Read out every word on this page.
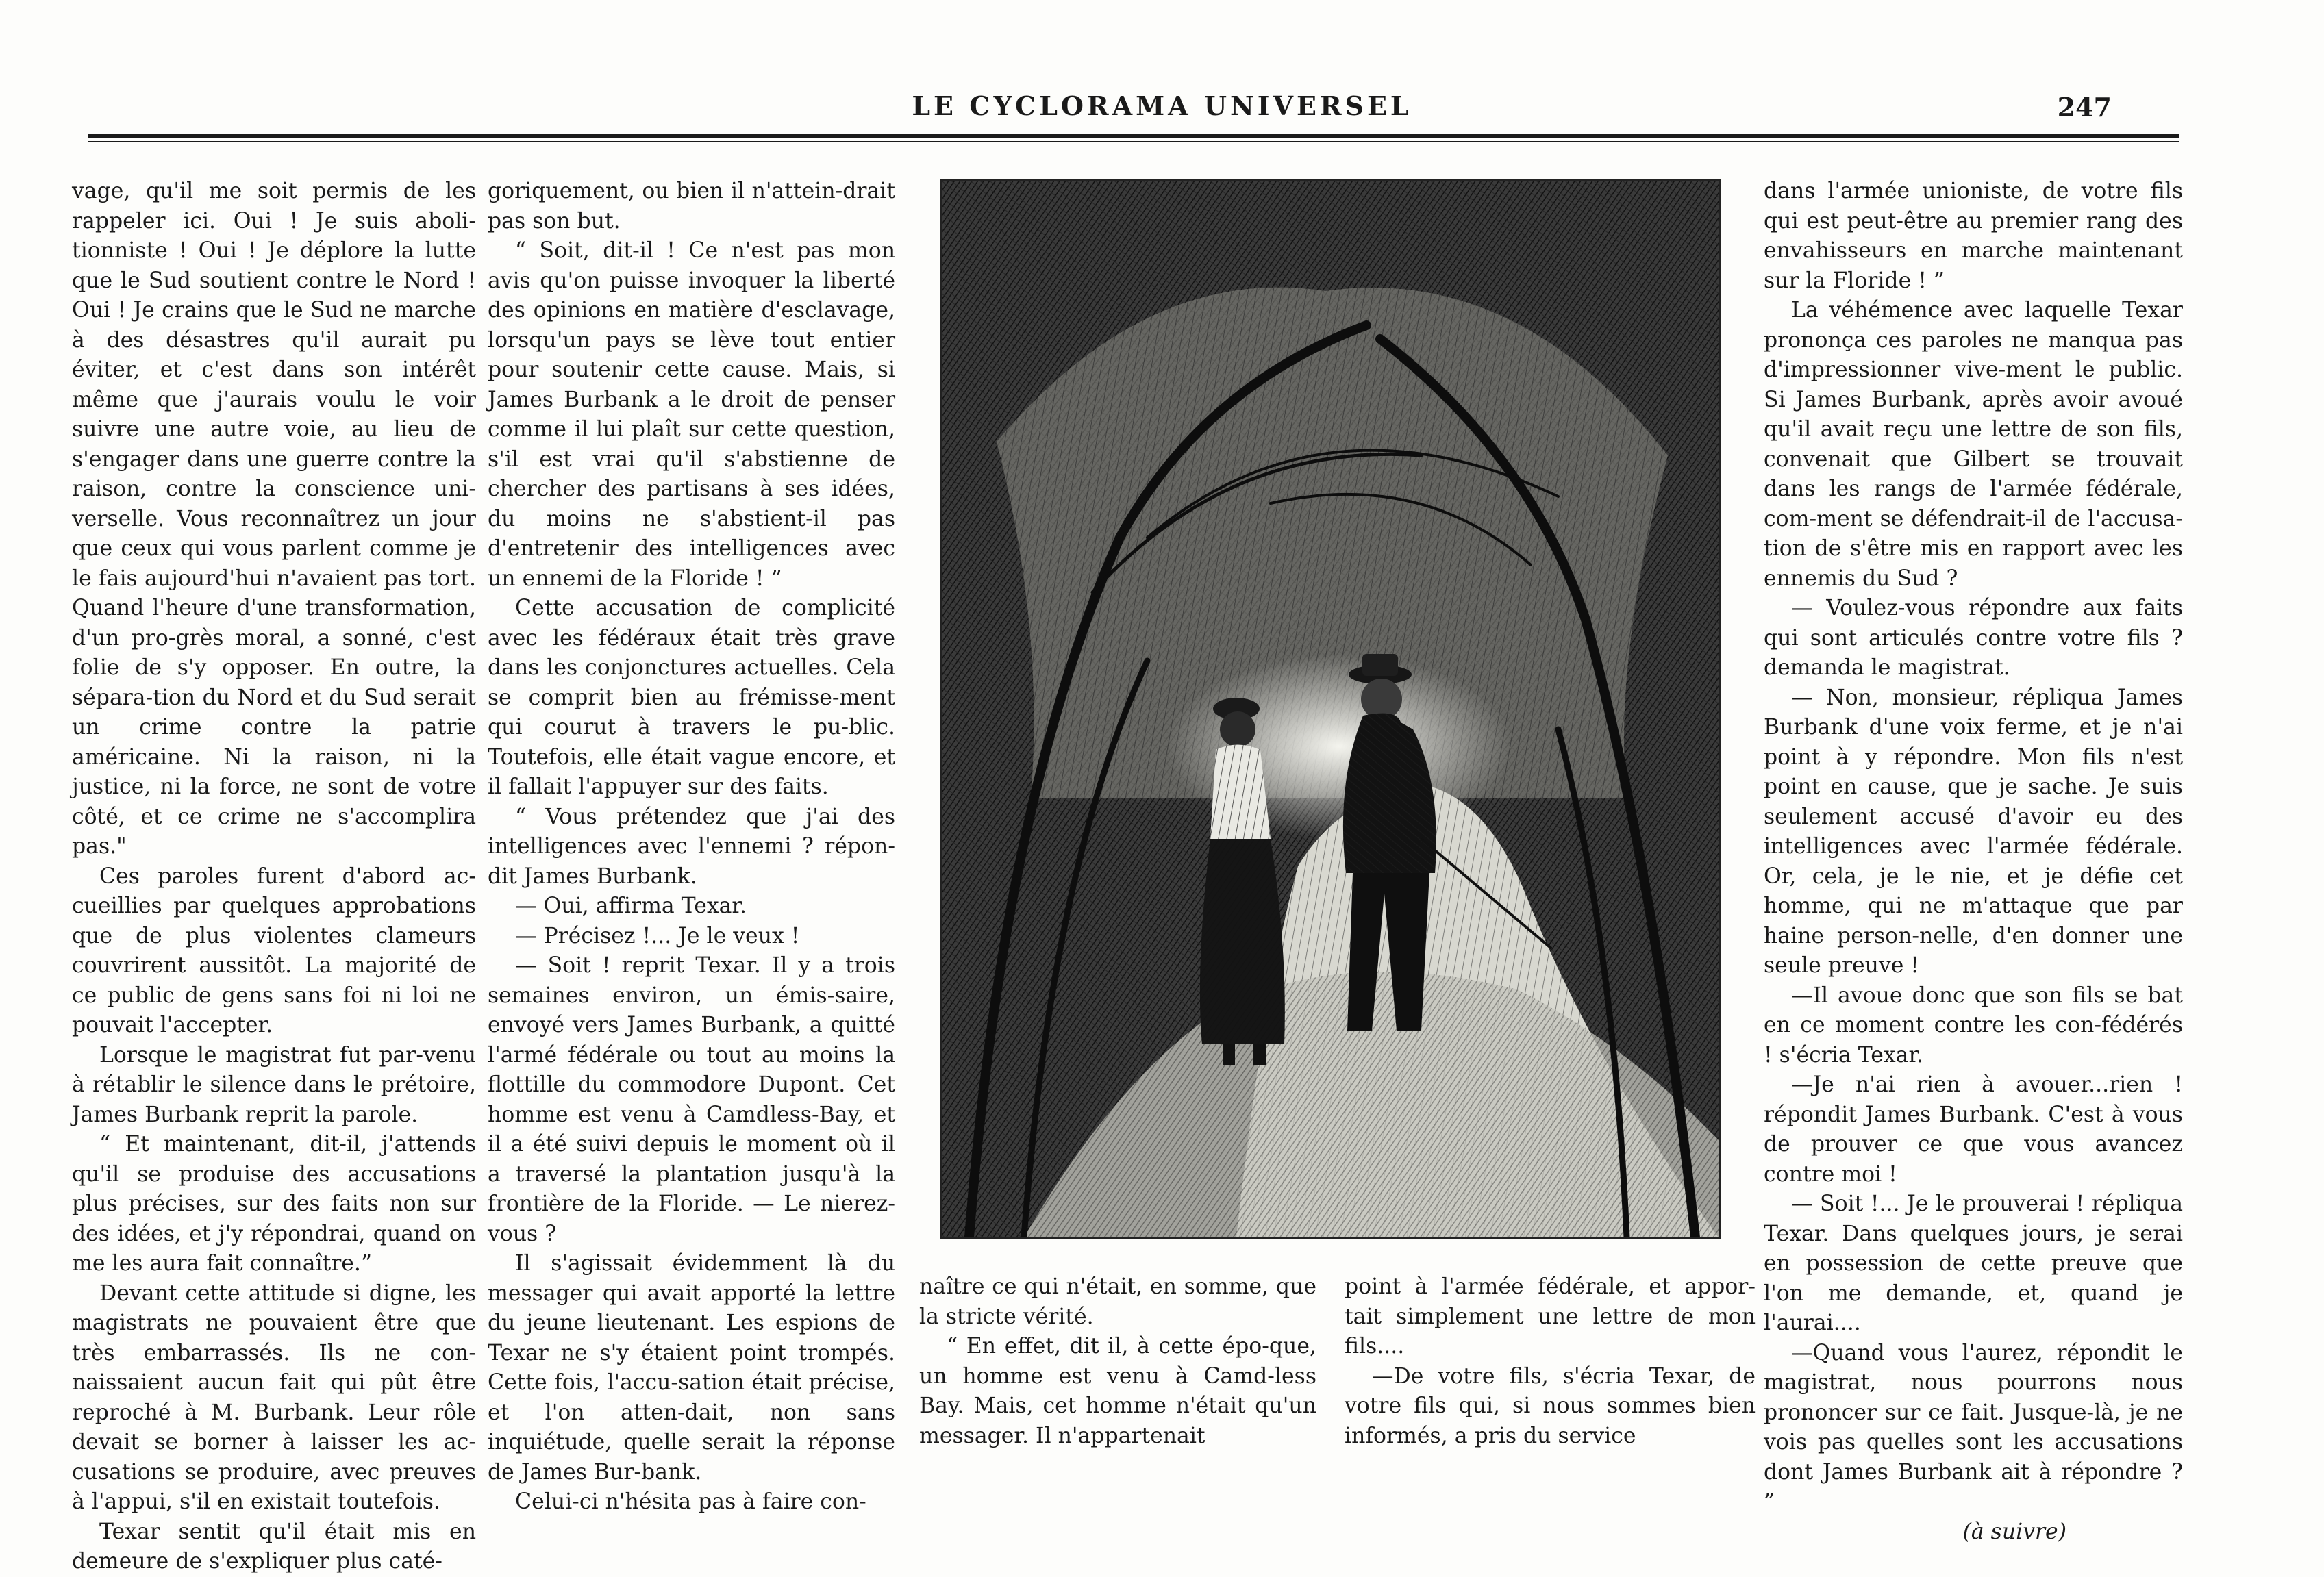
LE CYCLORAMA UNIVERSEL	247

vage, qu'il me soit permis de les rappeler ici. Oui ! Je suis aboli-tionniste ! Oui ! Je déplore la lutte que le Sud soutient contre le Nord ! Oui ! Je crains que le Sud ne marche à des désastres qu'il aurait pu éviter, et c'est dans son intérêt même que j'aurais voulu le voir suivre une autre voie, au lieu de s'engager dans une guerre contre la raison, contre la conscience uni-verselle. Vous reconnaîtrez un jour que ceux qui vous parlent comme je le fais aujourd'hui n'avaient pas tort. Quand l'heure d'une transformation, d'un pro-grès moral, a sonné, c'est folie de s'y opposer. En outre, la sépara-tion du Nord et du Sud serait un crime contre la patrie américaine. Ni la raison, ni la justice, ni la force, ne sont de votre côté, et ce crime ne s'accomplira pas."

Ces paroles furent d'abord ac-cueillies par quelques approbations que de plus violentes clameurs couvrirent aussitôt. La majorité de ce public de gens sans foi ni loi ne pouvait l'accepter.

Lorsque le magistrat fut par-venu à rétablir le silence dans le prétoire, James Burbank reprit la parole.

“ Et maintenant, dit-il, j'attends qu'il se produise des accusations plus précises, sur des faits non sur des idées, et j'y répondrai, quand on me les aura fait connaître.”

Devant cette attitude si digne, les magistrats ne pouvaient être que très embarrassés. Ils ne con-naissaient aucun fait qui pût être reproché à M. Burbank. Leur rôle devait se borner à laisser les ac-cusations se produire, avec preuves à l'appui, s'il en existait toutefois.

Texar sentit qu'il était mis en demeure de s'expliquer plus caté-

goriquement, ou bien il n'attein-drait pas son but.

“ Soit, dit-il ! Ce n'est pas mon avis qu'on puisse invoquer la liberté des opinions en matière d'esclavage, lorsqu'un pays se lève tout entier pour soutenir cette cause. Mais, si James Burbank a le droit de penser comme il lui plaît sur cette question, s'il est vrai qu'il s'abstienne de chercher des partisans à ses idées, du moins ne s'abstient-il pas d'entretenir des intelligences avec un ennemi de la Floride ! ”

Cette accusation de complicité avec les fédéraux était très grave dans les conjonctures actuelles. Cela se comprit bien au frémisse-ment qui courut à travers le pu-blic. Toutefois, elle était vague encore, et il fallait l'appuyer sur des faits.

“ Vous prétendez que j'ai des intelligences avec l'ennemi ? répon-dit James Burbank.

— Oui, affirma Texar.

— Précisez !... Je le veux !

— Soit ! reprit Texar. Il y a trois semaines environ, un émis-saire, envoyé vers James Burbank, a quitté l'armé fédérale ou tout au moins la flottille du commodore Dupont. Cet homme est venu à Camdless-Bay, et il a été suivi depuis le moment où il a traversé la plantation jusqu'à la frontière de la Floride. — Le nierez-vous ?

Il s'agissait évidemment là du messager qui avait apporté la lettre du jeune lieutenant. Les espions de Texar ne s'y étaient point trompés. Cette fois, l'accu-sation était précise, et l'on atten-dait, non sans inquiétude, quelle serait la réponse de James Bur-bank.

Celui-ci n'hésita pas à faire con-

naître ce qui n'était, en somme, que la stricte vérité.

“ En effet, dit il, à cette épo-que, un homme est venu à Camd-less Bay. Mais, cet homme n'était qu'un messager. Il n'appartenait

point à l'armée fédérale, et appor-tait simplement une lettre de mon fils....

—De votre fils, s'écria Texar, de votre fils qui, si nous sommes bien informés, a pris du service

dans l'armée unioniste, de votre fils qui est peut-être au premier rang des envahisseurs en marche maintenant sur la Floride ! ”

La véhémence avec laquelle Texar prononça ces paroles ne manqua pas d'impressionner vive-ment le public. Si James Burbank, après avoir avoué qu'il avait reçu une lettre de son fils, convenait que Gilbert se trouvait dans les rangs de l'armée fédérale, com-ment se défendrait-il de l'accusa-tion de s'être mis en rapport avec les ennemis du Sud ?

— Voulez-vous répondre aux faits qui sont articulés contre votre fils ? demanda le magistrat.

— Non, monsieur, répliqua James Burbank d'une voix ferme, et je n'ai point à y répondre. Mon fils n'est point en cause, que je sache. Je suis seulement accusé d'avoir eu des intelligences avec l'armée fédérale. Or, cela, je le nie, et je défie cet homme, qui ne m'attaque que par haine person-nelle, d'en donner une seule preuve !

—Il avoue donc que son fils se bat en ce moment contre les con-fédérés ! s'écria Texar.

—Je n'ai rien à avouer...rien ! répondit James Burbank. C'est à vous de prouver ce que vous avancez contre moi !

— Soit !... Je le prouverai ! répliqua Texar. Dans quelques jours, je serai en possession de cette preuve que l'on me demande, et, quand je l'aurai....

—Quand vous l'aurez, répondit le magistrat, nous pourrons nous prononcer sur ce fait. Jusque-là, je ne vois pas quelles sont les accusations dont James Burbank ait à répondre ? ”

(à suivre)
